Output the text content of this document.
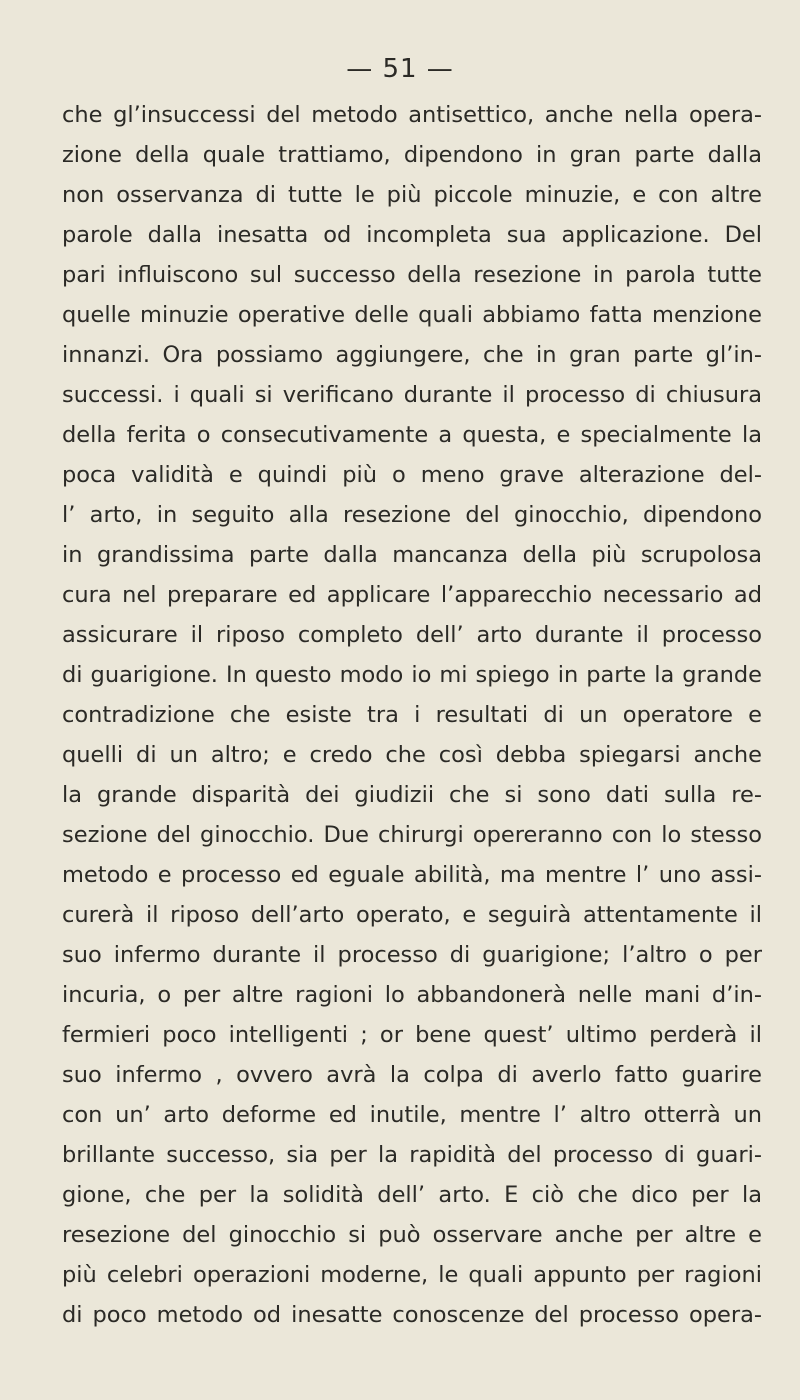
— 51 —
che gl’insuccessi del metodo antisettico, anche nella opera-
zione della quale trattiamo, dipendono in gran parte dalla
non osservanza di tutte le più piccole minuzie, e con altre
parole dalla inesatta od incompleta sua applicazione. Del
pari influiscono sul successo della resezione in parola tutte
quelle minuzie operative delle quali abbiamo fatta menzione
innanzi. Ora possiamo aggiungere, che in gran parte gl’in-
successi. i quali si verificano durante il processo di chiusura
della ferita o consecutivamente a questa, e specialmente la
poca validità e quindi più o meno grave alterazione del-
l’ arto, in seguito alla resezione del ginocchio, dipendono
in grandissima parte dalla mancanza della più scrupolosa
cura nel preparare ed applicare l’apparecchio necessario ad
assicurare il riposo completo dell’ arto durante il processo
di guarigione. In questo modo io mi spiego in parte la grande
contradizione che esiste tra i resultati di un operatore e
quelli di un altro; e credo che così debba spiegarsi anche
la grande disparità dei giudizii che si sono dati sulla re-
sezione del ginocchio. Due chirurgi opereranno con lo stesso
metodo e processo ed eguale abilità, ma mentre l’ uno assi-
curerà il riposo dell’arto operato, e seguirà attentamente il
suo infermo durante il processo di guarigione; l’altro o per
incuria, o per altre ragioni lo abbandonerà nelle mani d’in-
fermieri poco intelligenti ; or bene quest’ ultimo perderà il
suo infermo , ovvero avrà la colpa di averlo fatto guarire
con un’ arto deforme ed inutile, mentre l’ altro otterrà un
brillante successo, sia per la rapidità del processo di guari-
gione, che per la solidità dell’ arto. E ciò che dico per la
resezione del ginocchio si può osservare anche per altre e
più celebri operazioni moderne, le quali appunto per ragioni
di poco metodo od inesatte conoscenze del processo opera-
